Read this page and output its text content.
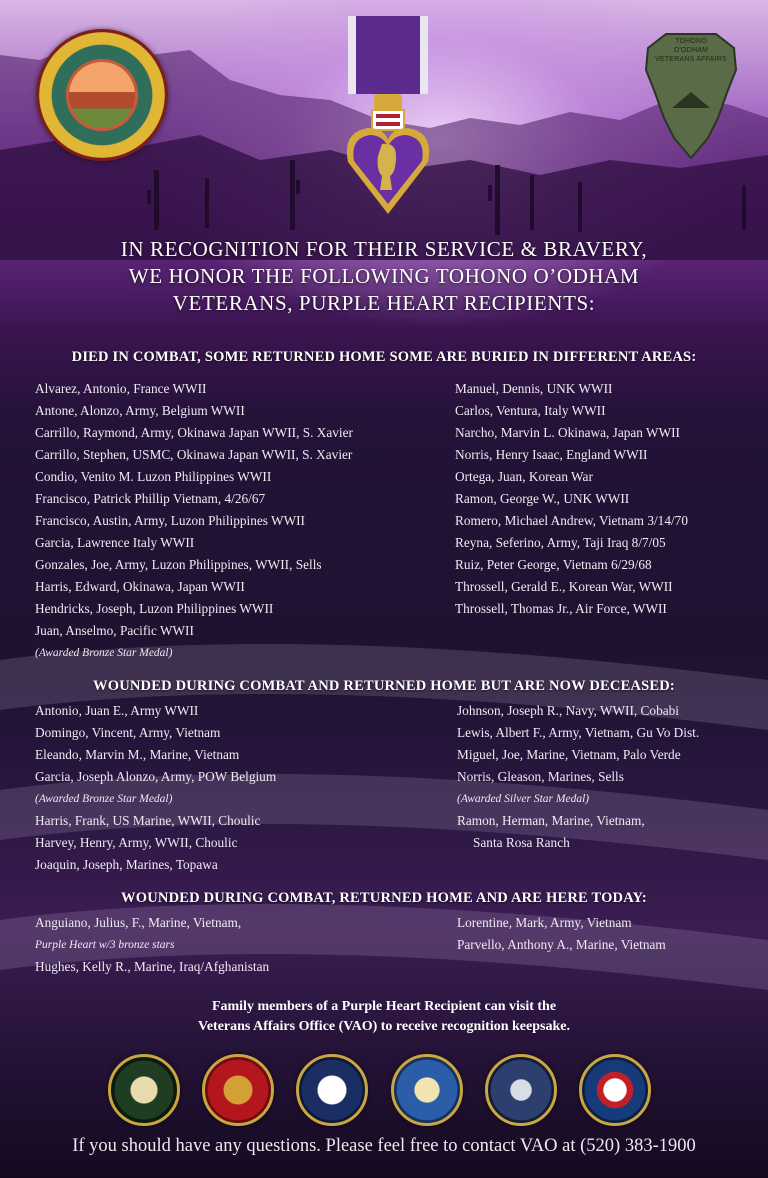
TOHONO
O'ODHAM
VETERANS AFFAIRS
IN RECOGNITION FOR THEIR SERVICE & BRAVERY,
WE HONOR THE FOLLOWING TOHONO O’ODHAM
VETERANS, PURPLE HEART RECIPIENTS:
DIED IN COMBAT, SOME RETURNED HOME SOME ARE BURIED IN DIFFERENT AREAS:
Alvarez, Antonio, France WWII
Antone, Alonzo, Army, Belgium WWII
Carrillo, Raymond, Army, Okinawa Japan WWII, S. Xavier
Carrillo, Stephen, USMC, Okinawa Japan WWII, S. Xavier
Condio, Venito M. Luzon Philippines WWII
Francisco, Patrick Phillip Vietnam, 4/26/67
Francisco, Austin, Army, Luzon Philippines WWII
Garcia, Lawrence Italy WWII
Gonzales, Joe, Army, Luzon Philippines, WWII, Sells
Harris, Edward, Okinawa, Japan WWII
Hendricks, Joseph, Luzon Philippines WWII
Juan, Anselmo, Pacific WWII
(Awarded Bronze Star Medal)
Manuel, Dennis, UNK WWII
Carlos, Ventura, Italy WWII
Narcho, Marvin L. Okinawa, Japan WWII
Norris, Henry Isaac, England WWII
Ortega, Juan, Korean War
Ramon, George W., UNK WWII
Romero, Michael Andrew, Vietnam 3/14/70
Reyna, Seferino, Army, Taji Iraq 8/7/05
Ruiz, Peter George, Vietnam 6/29/68
Throssell, Gerald E., Korean War, WWII
Throssell, Thomas Jr., Air Force, WWII
WOUNDED DURING COMBAT AND RETURNED HOME BUT ARE NOW DECEASED:
Antonio, Juan E., Army WWII
Domingo, Vincent, Army, Vietnam
Eleando, Marvin M., Marine, Vietnam
Garcia, Joseph Alonzo, Army, POW Belgium
(Awarded Bronze Star Medal)
Harris, Frank, US Marine, WWII, Choulic
Harvey, Henry, Army, WWII, Choulic
Joaquin, Joseph, Marines, Topawa
Johnson, Joseph R., Navy, WWII, Cobabi
Lewis, Albert F., Army, Vietnam, Gu Vo Dist.
Miguel, Joe, Marine, Vietnam, Palo Verde
Norris, Gleason, Marines, Sells
(Awarded Silver Star Medal)
Ramon, Herman, Marine, Vietnam,
Santa Rosa Ranch
WOUNDED DURING COMBAT, RETURNED HOME AND ARE HERE TODAY:
Anguiano, Julius, F., Marine, Vietnam,
Purple Heart w/3 bronze stars
Hughes, Kelly R., Marine, Iraq/Afghanistan
Lorentine, Mark, Army, Vietnam
Parvello, Anthony A., Marine, Vietnam
Family members of a Purple Heart Recipient can visit the
Veterans Affairs Office (VAO) to receive recognition keepsake.
If you should have any questions. Please feel free to contact VAO at (520) 383-1900
